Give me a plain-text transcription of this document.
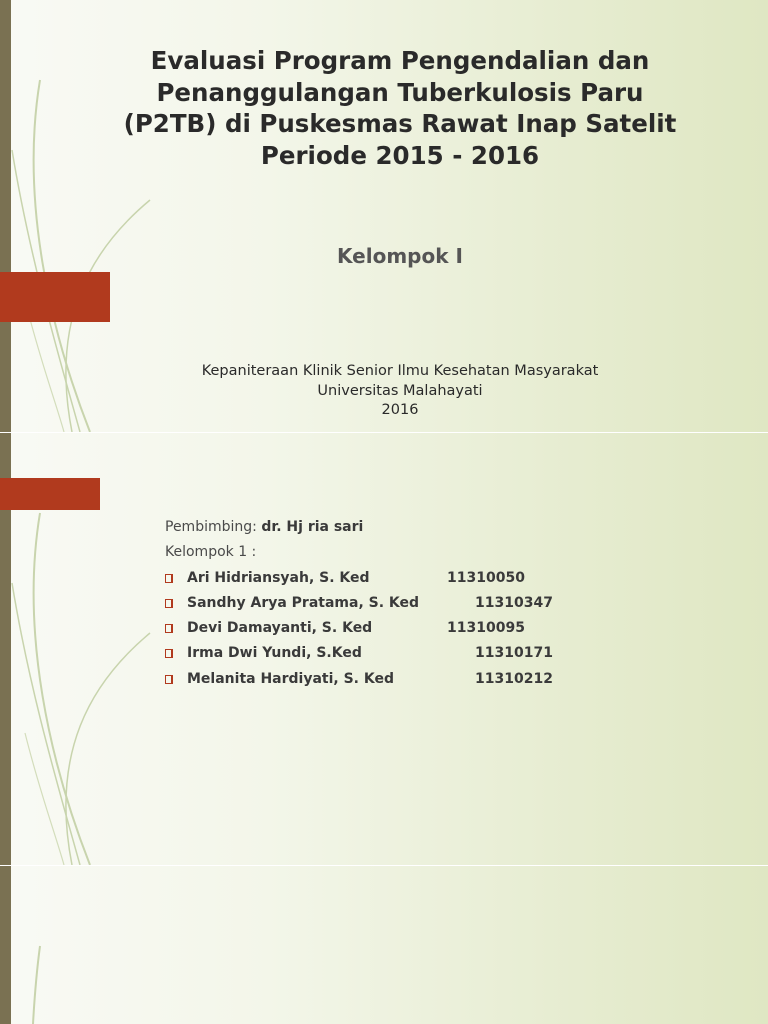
Evaluasi Program Pengendalian dan
Penanggulangan Tuberkulosis Paru
(P2TB) di Puskesmas Rawat Inap Satelit
Periode 2015 - 2016
Kelompok I
Kepaniteraan Klinik Senior Ilmu Kesehatan Masyarakat
Universitas Malahayati
2016
Pembimbing: dr. Hj ria sari
Kelompok 1 :
Ari Hidriansyah, S. Ked	11310050
Sandhy Arya Pratama, S. Ked	11310347
Devi Damayanti, S. Ked	11310095
Irma Dwi Yundi, S.Ked	11310171
Melanita Hardiyati, S. Ked	11310212
